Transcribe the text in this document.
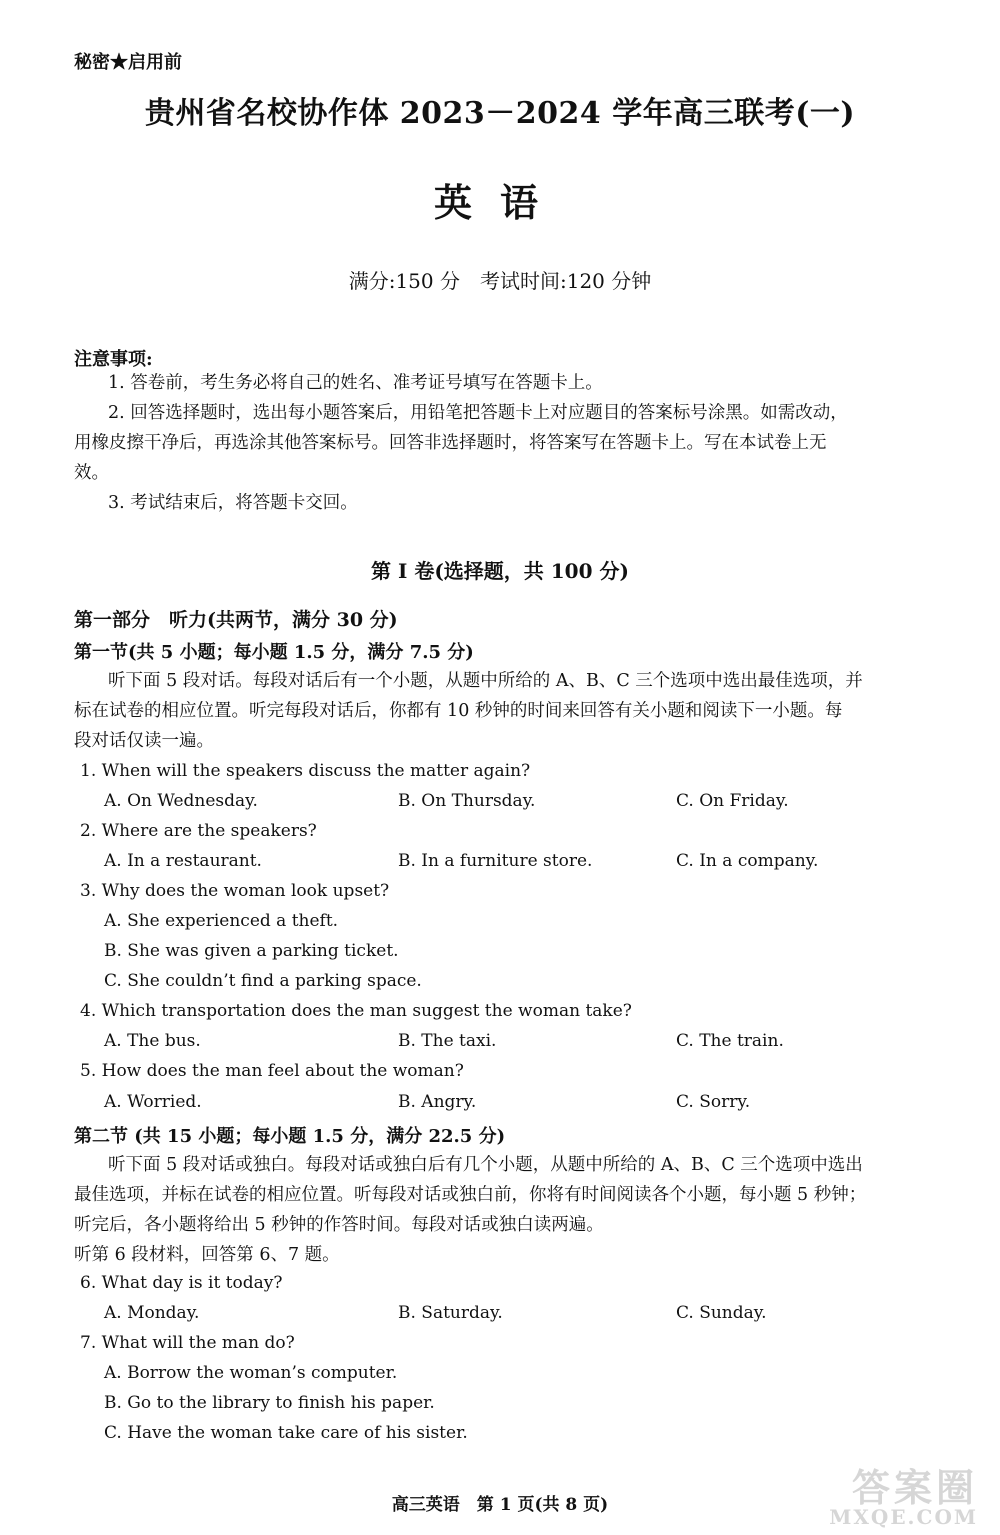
秘密★启用前
贵州省名校协作体 2023－2024 学年高三联考(一)
英语
满分:150 分　考试时间:120 分钟
注意事项:
1. 答卷前，考生务必将自己的姓名、准考证号填写在答题卡上。
2. 回答选择题时，选出每小题答案后，用铅笔把答题卡上对应题目的答案标号涂黑。如需改动，
用橡皮擦干净后，再选涂其他答案标号。回答非选择题时，将答案写在答题卡上。写在本试卷上无
效。
3. 考试结束后，将答题卡交回。
第 I 卷(选择题，共 100 分)
第一部分　听力(共两节，满分 30 分)
第一节(共 5 小题；每小题 1.5 分，满分 7.5 分)
听下面 5 段对话。每段对话后有一个小题，从题中所给的 A、B、C 三个选项中选出最佳选项，并
标在试卷的相应位置。听完每段对话后，你都有 10 秒钟的时间来回答有关小题和阅读下一小题。每
段对话仅读一遍。
1. When will the speakers discuss the matter again?
A. On Wednesday.	B. On Thursday.	C. On Friday.
2. Where are the speakers?
A. In a restaurant.	B. In a furniture store.	C. In a company.
3. Why does the woman look upset?
A. She experienced a theft.
B. She was given a parking ticket.
C. She couldn’t find a parking space.
4. Which transportation does the man suggest the woman take?
A. The bus.	B. The taxi.	C. The train.
5. How does the man feel about the woman?
A. Worried.	B. Angry.	C. Sorry.
第二节 (共 15 小题；每小题 1.5 分，满分 22.5 分)
听下面 5 段对话或独白。每段对话或独白后有几个小题，从题中所给的 A、B、C 三个选项中选出
最佳选项，并标在试卷的相应位置。听每段对话或独白前，你将有时间阅读各个小题，每小题 5 秒钟；
听完后，各小题将给出 5 秒钟的作答时间。每段对话或独白读两遍。
听第 6 段材料，回答第 6、7 题。
6. What day is it today?
A. Monday.	B. Saturday.	C. Sunday.
7. What will the man do?
A. Borrow the woman’s computer.
B. Go to the library to finish his paper.
C. Have the woman take care of his sister.
高三英语　第 1 页(共 8 页)	答案圈
MXQE.COM
